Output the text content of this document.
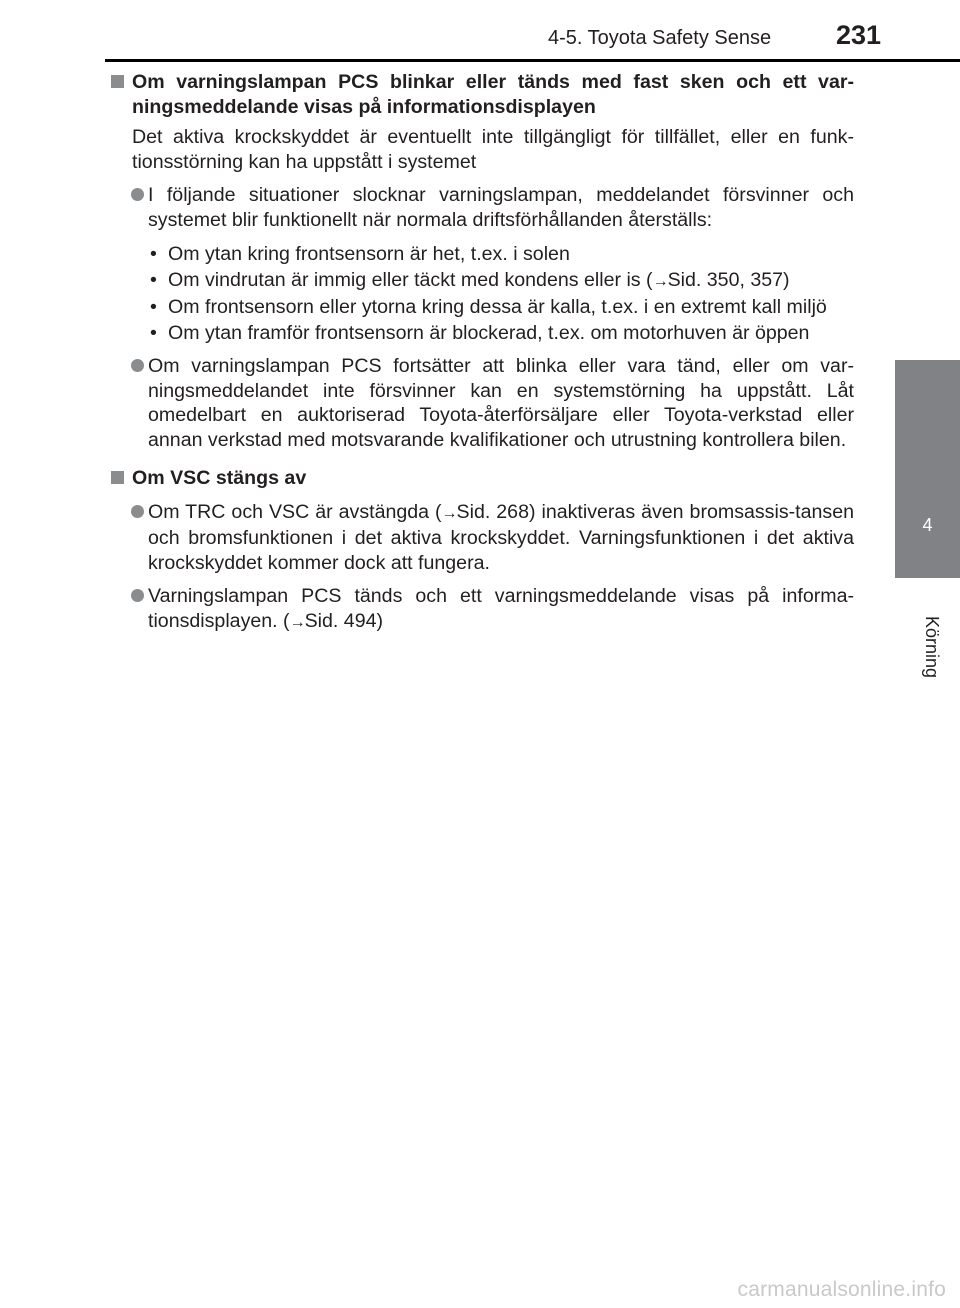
4-5. Toyota Safety Sense 231
4
Körning
Om varningslampan PCS blinkar eller tänds med fast sken och ett var-ningsmeddelande visas på informationsdisplayen
Det aktiva krockskyddet är eventuellt inte tillgängligt för tillfället, eller en funk-tionsstörning kan ha uppstått i systemet
I följande situationer slocknar varningslampan, meddelandet försvinner och systemet blir funktionellt när normala driftsförhållanden återställs:
• Om ytan kring frontsensorn är het, t.ex. i solen
• Om vindrutan är immig eller täckt med kondens eller is (→Sid. 350, 357)
• Om frontsensorn eller ytorna kring dessa är kalla, t.ex. i en extremt kall miljö
• Om ytan framför frontsensorn är blockerad, t.ex. om motorhuven är öppen
Om varningslampan PCS fortsätter att blinka eller vara tänd, eller om var-ningsmeddelandet inte försvinner kan en systemstörning ha uppstått. Låt omedelbart en auktoriserad Toyota-återförsäljare eller Toyota-verkstad eller annan verkstad med motsvarande kvalifikationer och utrustning kontrollera bilen.
Om VSC stängs av
Om TRC och VSC är avstängda (→Sid. 268) inaktiveras även bromsassis-tansen och bromsfunktionen i det aktiva krockskyddet. Varningsfunktionen i det aktiva krockskyddet kommer dock att fungera.
Varningslampan PCS tänds och ett varningsmeddelande visas på informa-tionsdisplayen. (→Sid. 494)
carmanualsonline.info
